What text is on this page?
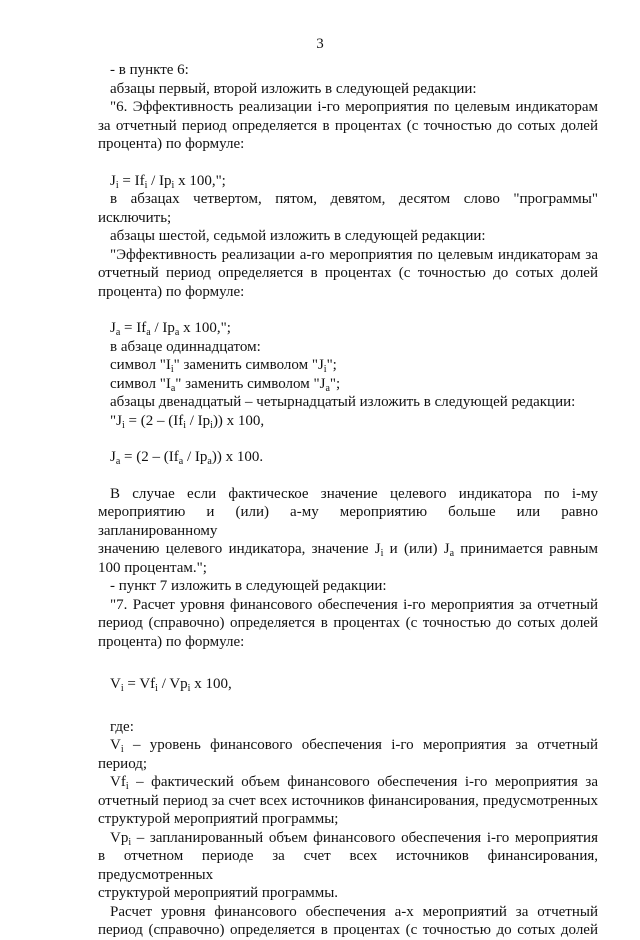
3

- в пункте 6:

абзацы первый, второй изложить в следующей редакции:

"6. Эффективность реализации i-го мероприятия по целевым индикаторам

за отчетный период определяется в процентах (с точностью до сотых долей

процента) по формуле:

$J_i = If_i / Ip_i$ x 100,";

в абзацах четвертом, пятом, девятом, десятом слово "программы"

исключить;

абзацы шестой, седьмой изложить в следующей редакции:

"Эффективность реализации a-го мероприятия по целевым индикаторам за

отчетный период определяется в процентах (с точностью до сотых долей

процента) по формуле:

$J_a = If_a / Ip_a$ x 100,";

в абзаце одиннадцатом:

символ "$I_i$" заменить символом "$J_i$";

символ "$I_a$" заменить символом "$J_a$";

абзацы двенадцатый – четырнадцатый изложить в следующей редакции:

"$J_i = (2 - (If_i / Ip_i))$ x 100,

$J_a = (2 - (If_a / Ip_a))$ x 100.

В случае если фактическое значение целевого индикатора по i-му

мероприятию и (или) a-му мероприятию больше или равно запланированному

значению целевого индикатора, значение $J_i$ и (или) $J_a$ принимается равным

100 процентам.";

- пункт 7 изложить в следующей редакции:

"7. Расчет уровня финансового обеспечения i-го мероприятия за отчетный

период (справочно) определяется в процентах (с точностью до сотых долей

процента) по формуле:

$V_i = Vf_i / Vp_i$ x 100,

где:

$V_i$ – уровень финансового обеспечения i-го мероприятия за отчетный

период;

$Vf_i$ – фактический объем финансового обеспечения i-го мероприятия за

отчетный период за счет всех источников финансирования, предусмотренных

структурой мероприятий программы;

$Vp_i$ – запланированный объем финансового обеспечения i-го мероприятия

в отчетном периоде за счет всех источников финансирования, предусмотренных

структурой мероприятий программы.

Расчет уровня финансового обеспечения a-х мероприятий за отчетный

период (справочно) определяется в процентах (с точностью до сотых долей
